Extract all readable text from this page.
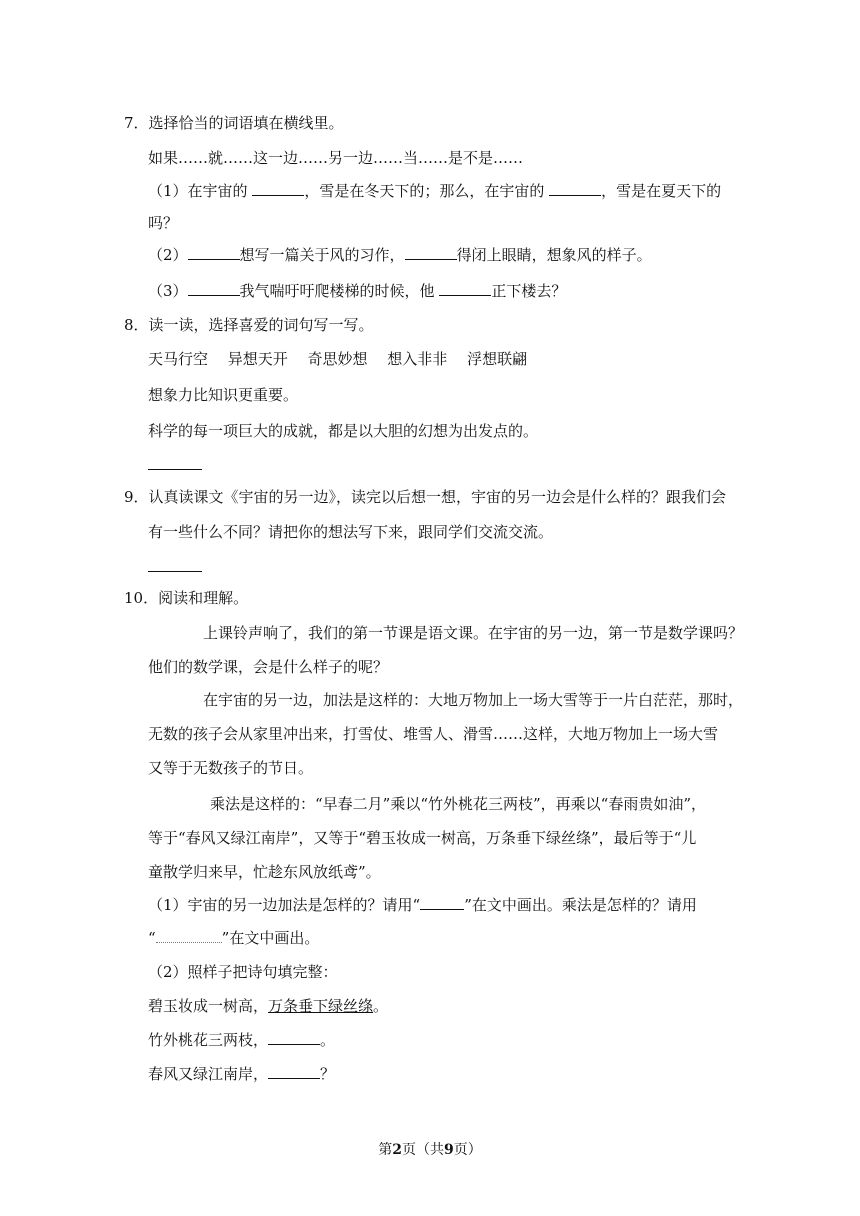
7．选择恰当的词语填在横线里。
如果……就……这一边……另一边……当……是不是……
（1）在宇宙的	，雪是在冬天下的；那么，在宇宙的	，雪是在夏天下的
吗？
（2）	想写一篇关于风的习作，	得闭上眼睛，想象风的样子。
（3）	我气喘吁吁爬楼梯的时候，他	正下楼去？
8．读一读，选择喜爱的词句写一写。
天马行空　 异想天开　 奇思妙想　 想入非非　 浮想联翩
想象力比知识更重要。
科学的每一项巨大的成就，都是以大胆的幻想为出发点的。
9．认真读课文《宇宙的另一边》，读完以后想一想，宇宙的另一边会是什么样的？跟我们会
有一些什么不同？请把你的想法写下来，跟同学们交流交流。
10．阅读和理解。
上课铃声响了，我们的第一节课是语文课。在宇宙的另一边，第一节是数学课吗？
他们的数学课，会是什么样子的呢？
在宇宙的另一边，加法是这样的：大地万物加上一场大雪等于一片白茫茫，那时，
无数的孩子会从家里冲出来，打雪仗、堆雪人、滑雪……这样，大地万物加上一场大雪
又等于无数孩子的节日。
乘法是这样的：“早春二月”乘以“竹外桃花三两枝”，再乘以“春雨贵如油”，
等于“春风又绿江南岸”，又等于“碧玉妆成一树高，万条垂下绿丝绦”，最后等于“儿
童散学归来早，忙趁东风放纸鸢”。
（1）宇宙的另一边加法是怎样的？请用“	”在文中画出。乘法是怎样的？请用
“	”在文中画出。
（2）照样子把诗句填完整：
碧玉妆成一树高，万条垂下绿丝绦。
竹外桃花三两枝，	。
春风又绿江南岸，	？
第2页（共9页）
